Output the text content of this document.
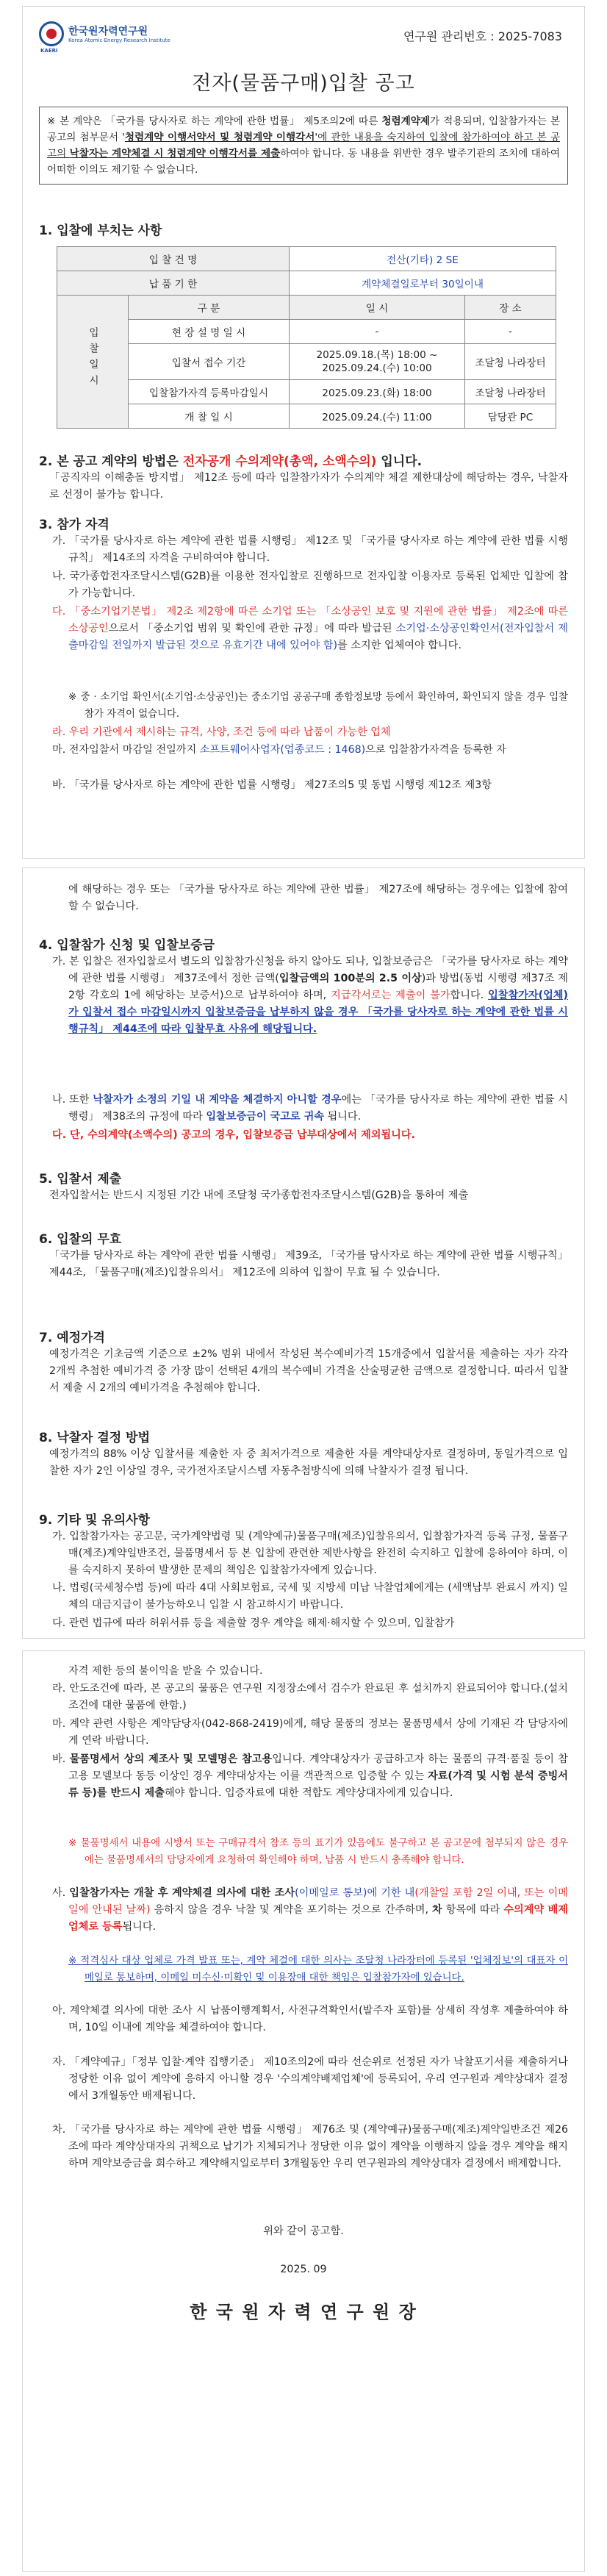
한국원자력연구원
Korea Atomic Energy Research Institute
KAERI
연구원 관리번호 : 2025-7083
전자(물품구매)입찰 공고
※ 본 계약은 「국가를 당사자로 하는 계약에 관한 법률」 제5조의2에 따른 청렴계약제가 적용되며, 입찰참가자는 본 공고의 첨부문서 '청렴계약 이행서약서 및 청렴계약 이행각서'에 관한 내용을 숙지하여 입찰에 참가하여야 하고 본 공고의 낙찰자는 계약체결 시 청렴계약 이행각서를 제출하여야 합니다. 동 내용을 위반한 경우 발주기관의 조치에 대하여 어떠한 이의도 제기할 수 없습니다.
1. 입찰에 부치는 사항
입 찰 건 명		전산(기타) 2 SE	
납 품 기 한		계약체결일로부터 30일이내	
입찰일시	구 분	일 시	장 소
	현 장 설 명 일 시	-	-
	입찰서 접수 기간	2025.09.18.(목) 18:00 ~
2025.09.24.(수) 10:00	조달청 나라장터
	입찰참가자격 등록마감일시	2025.09.23.(화) 18:00	조달청 나라장터
	개 찰 일 시	2025.09.24.(수) 11:00	담당관 PC
2. 본 공고 계약의 방법은 전자공개 수의계약(총액, 소액수의) 입니다.
「공직자의 이해충돌 방지법」 제12조 등에 따라 입찰참가자가 수의계약 체결 제한대상에 해당하는 경우, 낙찰자로 선정이 불가능 합니다.
3. 참가 자격
가. 「국가를 당사자로 하는 계약에 관한 법률 시행령」 제12조 및 「국가를 당사자로 하는 계약에 관한 법률 시행규칙」 제14조의 자격을 구비하여야 합니다.
나. 국가종합전자조달시스템(G2B)를 이용한 전자입찰로 진행하므로 전자입찰 이용자로 등록된 업체만 입찰에 참가 가능합니다.
다. 「중소기업기본법」 제2조 제2항에 따른 소기업 또는 「소상공인 보호 및 지원에 관한 법률」 제2조에 따른 소상공인으로서 「중소기업 범위 및 확인에 관한 규정」에 따라 발급된 소기업·소상공인확인서(전자입찰서 제출마감일 전일까지 발급된 것으로 유효기간 내에 있어야 함)를 소지한 업체여야 합니다.
※ 중 · 소기업 확인서(소기업·소상공인)는 중소기업 공공구매 종합정보망 등에서 확인하여, 확인되지 않을 경우 입찰 참가 자격이 없습니다.
라. 우리 기관에서 제시하는 규격, 사양, 조건 등에 따라 납품이 가능한 업체
마. 전자입찰서 마감일 전일까지 소프트웨어사업자(업종코드 : 1468)으로 입찰참가자격을 등록한 자
바. 「국가를 당사자로 하는 계약에 관한 법률 시행령」 제27조의5 및 동법 시행령 제12조 제3항
에 해당하는 경우 또는 「국가를 당사자로 하는 계약에 관한 법률」 제27조에 해당하는 경우에는 입찰에 참여할 수 없습니다.
4. 입찰참가 신청 및 입찰보증금
가. 본 입찰은 전자입찰로서 별도의 입찰참가신청을 하지 않아도 되나, 입찰보증금은 「국가를 당사자로 하는 계약에 관한 법률 시행령」 제37조에서 정한 금액(입찰금액의 100분의 2.5 이상)과 방법(동법 시행령 제37조 제2항 각호의 1에 해당하는 보증서)으로 납부하여야 하며, 지급각서로는 제출이 불가합니다. 입찰참가자(업체)가 입찰서 접수 마감일시까지 입찰보증금을 납부하지 않을 경우 「국가를 당사자로 하는 계약에 관한 법률 시행규칙」 제44조에 따라 입찰무효 사유에 해당됩니다.
나. 또한 낙찰자가 소정의 기일 내 계약을 체결하지 아니할 경우에는 「국가를 당사자로 하는 계약에 관한 법률 시행령」 제38조의 규정에 따라 입찰보증금이 국고로 귀속 됩니다.
다. 단, 수의계약(소액수의) 공고의 경우, 입찰보증금 납부대상에서 제외됩니다.
5. 입찰서 제출
전자입찰서는 반드시 지정된 기간 내에 조달청 국가종합전자조달시스템(G2B)을 통하여 제출
6. 입찰의 무효
「국가를 당사자로 하는 계약에 관한 법률 시행령」 제39조, 「국가를 당사자로 하는 계약에 관한 법률 시행규칙」 제44조, 「물품구매(제조)입찰유의서」 제12조에 의하여 입찰이 무효 될 수 있습니다.
7. 예정가격
예정가격은 기초금액 기준으로 ±2% 범위 내에서 작성된 복수예비가격 15개중에서 입찰서를 제출하는 자가 각각 2개씩 추첨한 예비가격 중 가장 많이 선택된 4개의 복수예비 가격을 산술평균한 금액으로 결정합니다. 따라서 입찰서 제출 시 2개의 예비가격을 추첨해야 합니다.
8. 낙찰자 결정 방법
예정가격의 88% 이상 입찰서를 제출한 자 중 최저가격으로 제출한 자를 계약대상자로 결정하며, 동일가격으로 입찰한 자가 2인 이상일 경우, 국가전자조달시스템 자동추첨방식에 의해 낙찰자가 결정 됩니다.
9. 기타 및 유의사항
가. 입찰참가자는 공고문, 국가계약법령 및 (계약예규)물품구매(제조)입찰유의서, 입찰참가자격 등록 규정, 물품구매(제조)계약일반조건, 물품명세서 등 본 입찰에 관련한 제반사항을 완전히 숙지하고 입찰에 응하여야 하며, 이를 숙지하지 못하여 발생한 문제의 책임은 입찰참가자에게 있습니다.
나. 법령(국세청수법 등)에 따라 4대 사회보험료, 국세 및 지방세 미납 낙찰업체에게는 (세액납부 완료시 까지) 일체의 대금지급이 불가능하오니 입찰 시 참고하시기 바랍니다.
다. 관련 법규에 따라 허위서류 등을 제출할 경우 계약을 해제·해지할 수 있으며, 입찰참가
자격 제한 등의 불이익을 받을 수 있습니다.
라. 안도조건에 따라, 본 공고의 물품은 연구원 지정장소에서 검수가 완료된 후 설치까지 완료되어야 합니다.(설치 조건에 대한 물품에 한함.)
마. 계약 관련 사항은 계약담당자(042-868-2419)에게, 해당 물품의 정보는 물품명세서 상에 기재된 각 담당자에게 연락 바랍니다.
바. 물품명세서 상의 제조사 및 모델명은 참고용입니다. 계약대상자가 공급하고자 하는 물품의 규격·품질 등이 참고용 모델보다 동등 이상인 경우 계약대상자는 이를 객관적으로 입증할 수 있는 자료(가격 및 시험 분석 증빙서류 등)를 반드시 제출해야 합니다. 입증자료에 대한 적합도 계약상대자에게 있습니다.
※ 물품명세서 내용에 시방서 또는 구매규격서 참조 등의 표기가 있음에도 불구하고 본 공고문에 첨부되지 않은 경우에는 물품명세서의 담당자에게 요청하여 확인해야 하며, 납품 시 반드시 충족해야 합니다.
사. 입찰참가자는 개찰 후 계약체결 의사에 대한 조사(이메일로 통보)에 기한 내(개찰일 포함 2일 이내, 또는 이메일에 안내된 날짜) 응하지 않을 경우 낙찰 및 계약을 포기하는 것으로 간주하며, 차 항목에 따라 수의계약 배제업체로 등록됩니다.
※ 적격심사 대상 업체로 가격 발표 또는, 계약 체결에 대한 의사는 조달청 나라장터에 등록된 '업체정보'의 대표자 이메일로 통보하며, 이메일 미수신·미확인 및 이용장애 대한 책임은 입찰참가자에 있습니다.
아. 계약체결 의사에 대한 조사 시 납품이행계획서, 사전규격확인서(발주자 포함)를 상세히 작성후 제출하여야 하며, 10일 이내에 계약을 체결하여야 합니다.
자. 「계약예규」「정부 입찰·계약 집행기준」 제10조의2에 따라 선순위로 선정된 자가 낙찰포기서를 제출하거나 정당한 이유 없이 계약에 응하지 아니할 경우 '수의계약배제업체'에 등록되어, 우리 연구원과 계약상대자 결정에서 3개월동안 배제됩니다.
차. 「국가를 당사자로 하는 계약에 관한 법률 시행령」 제76조 및 (계약예규)물품구매(제조)계약일반조건 제26조에 따라 계약상대자의 귀책으로 납기가 지체되거나 정당한 이유 없이 계약을 이행하지 않을 경우 계약을 해지하며 계약보증금을 회수하고 계약해지일로부터 3개월동안 우리 연구원과의 계약상대자 결정에서 배제합니다.
위와 같이 공고함.
2025. 09
한 국 원 자 력 연 구 원 장
